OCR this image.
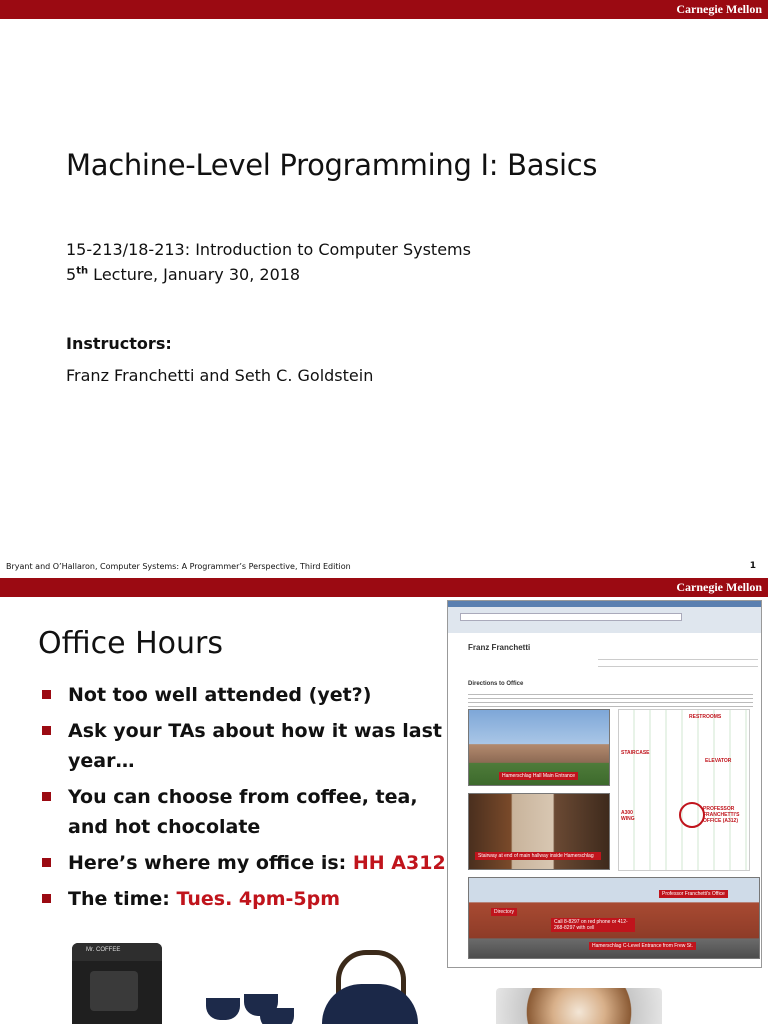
Carnegie Mellon
Machine-Level Programming I: Basics
15-213/18-213: Introduction to Computer Systems
5th Lecture, January 30, 2018
Instructors:
Franz Franchetti and Seth C. Goldstein
Bryant and O’Hallaron, Computer Systems: A Programmer’s Perspective, Third Edition	1
Carnegie Mellon
Office Hours
Not too well attended (yet?)
Ask your TAs about how it was last year…
You can choose from coffee, tea, and hot chocolate
Here’s where my office is: HH A312
The time: Tues. 4pm-5pm
Franz Franchetti
Directions to Office
Hamerschlag Hall Main Entrance
Stairway at end of main hallway inside Hamerschlag
RESTROOMS
STAIRCASE
ELEVATOR
A300 WING
PROFESSOR FRANCHETTI'S OFFICE (A312)
Professor Franchetti's Office
Directory
Call 8-8297 on red phone or 412-268-8297 with cell
Hamerschlag C-Level Entrance from Frew St.
Mr. COFFEE
